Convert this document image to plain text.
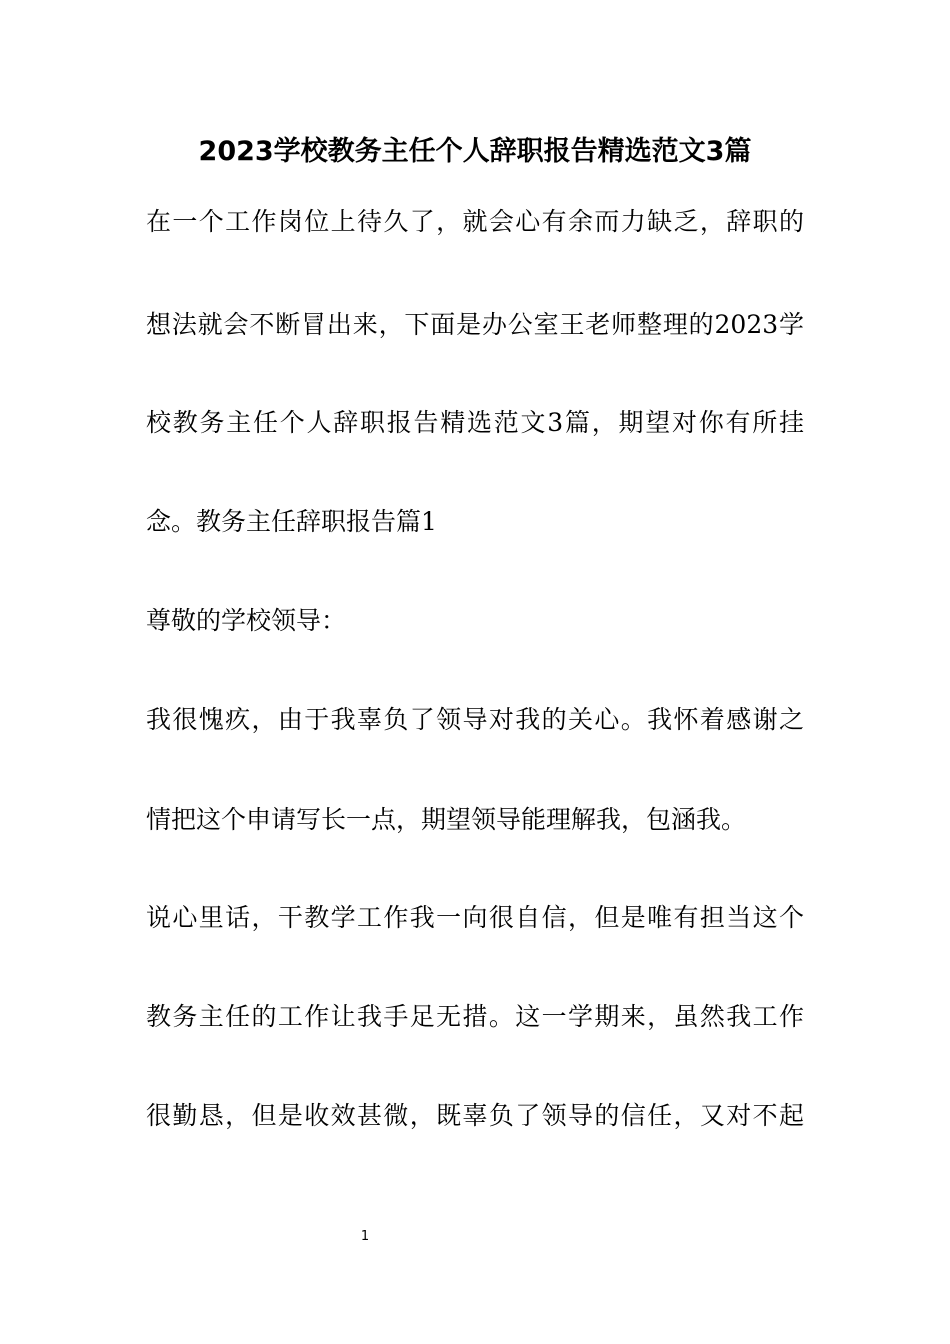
2023学校教务主任个人辞职报告精选范文3篇
在一个工作岗位上待久了，就会心有余而力缺乏，辞职的
想法就会不断冒出来，下面是办公室王老师整理的2023学
校教务主任个人辞职报告精选范文3篇，期望对你有所挂
念。教务主任辞职报告篇1
尊敬的学校领导：
我很愧疚，由于我辜负了领导对我的关心。我怀着感谢之
情把这个申请写长一点，期望领导能理解我，包涵我。
说心里话，干教学工作我一向很自信，但是唯有担当这个
教务主任的工作让我手足无措。这一学期来，虽然我工作
很勤恳，但是收效甚微，既辜负了领导的信任，又对不起
1
